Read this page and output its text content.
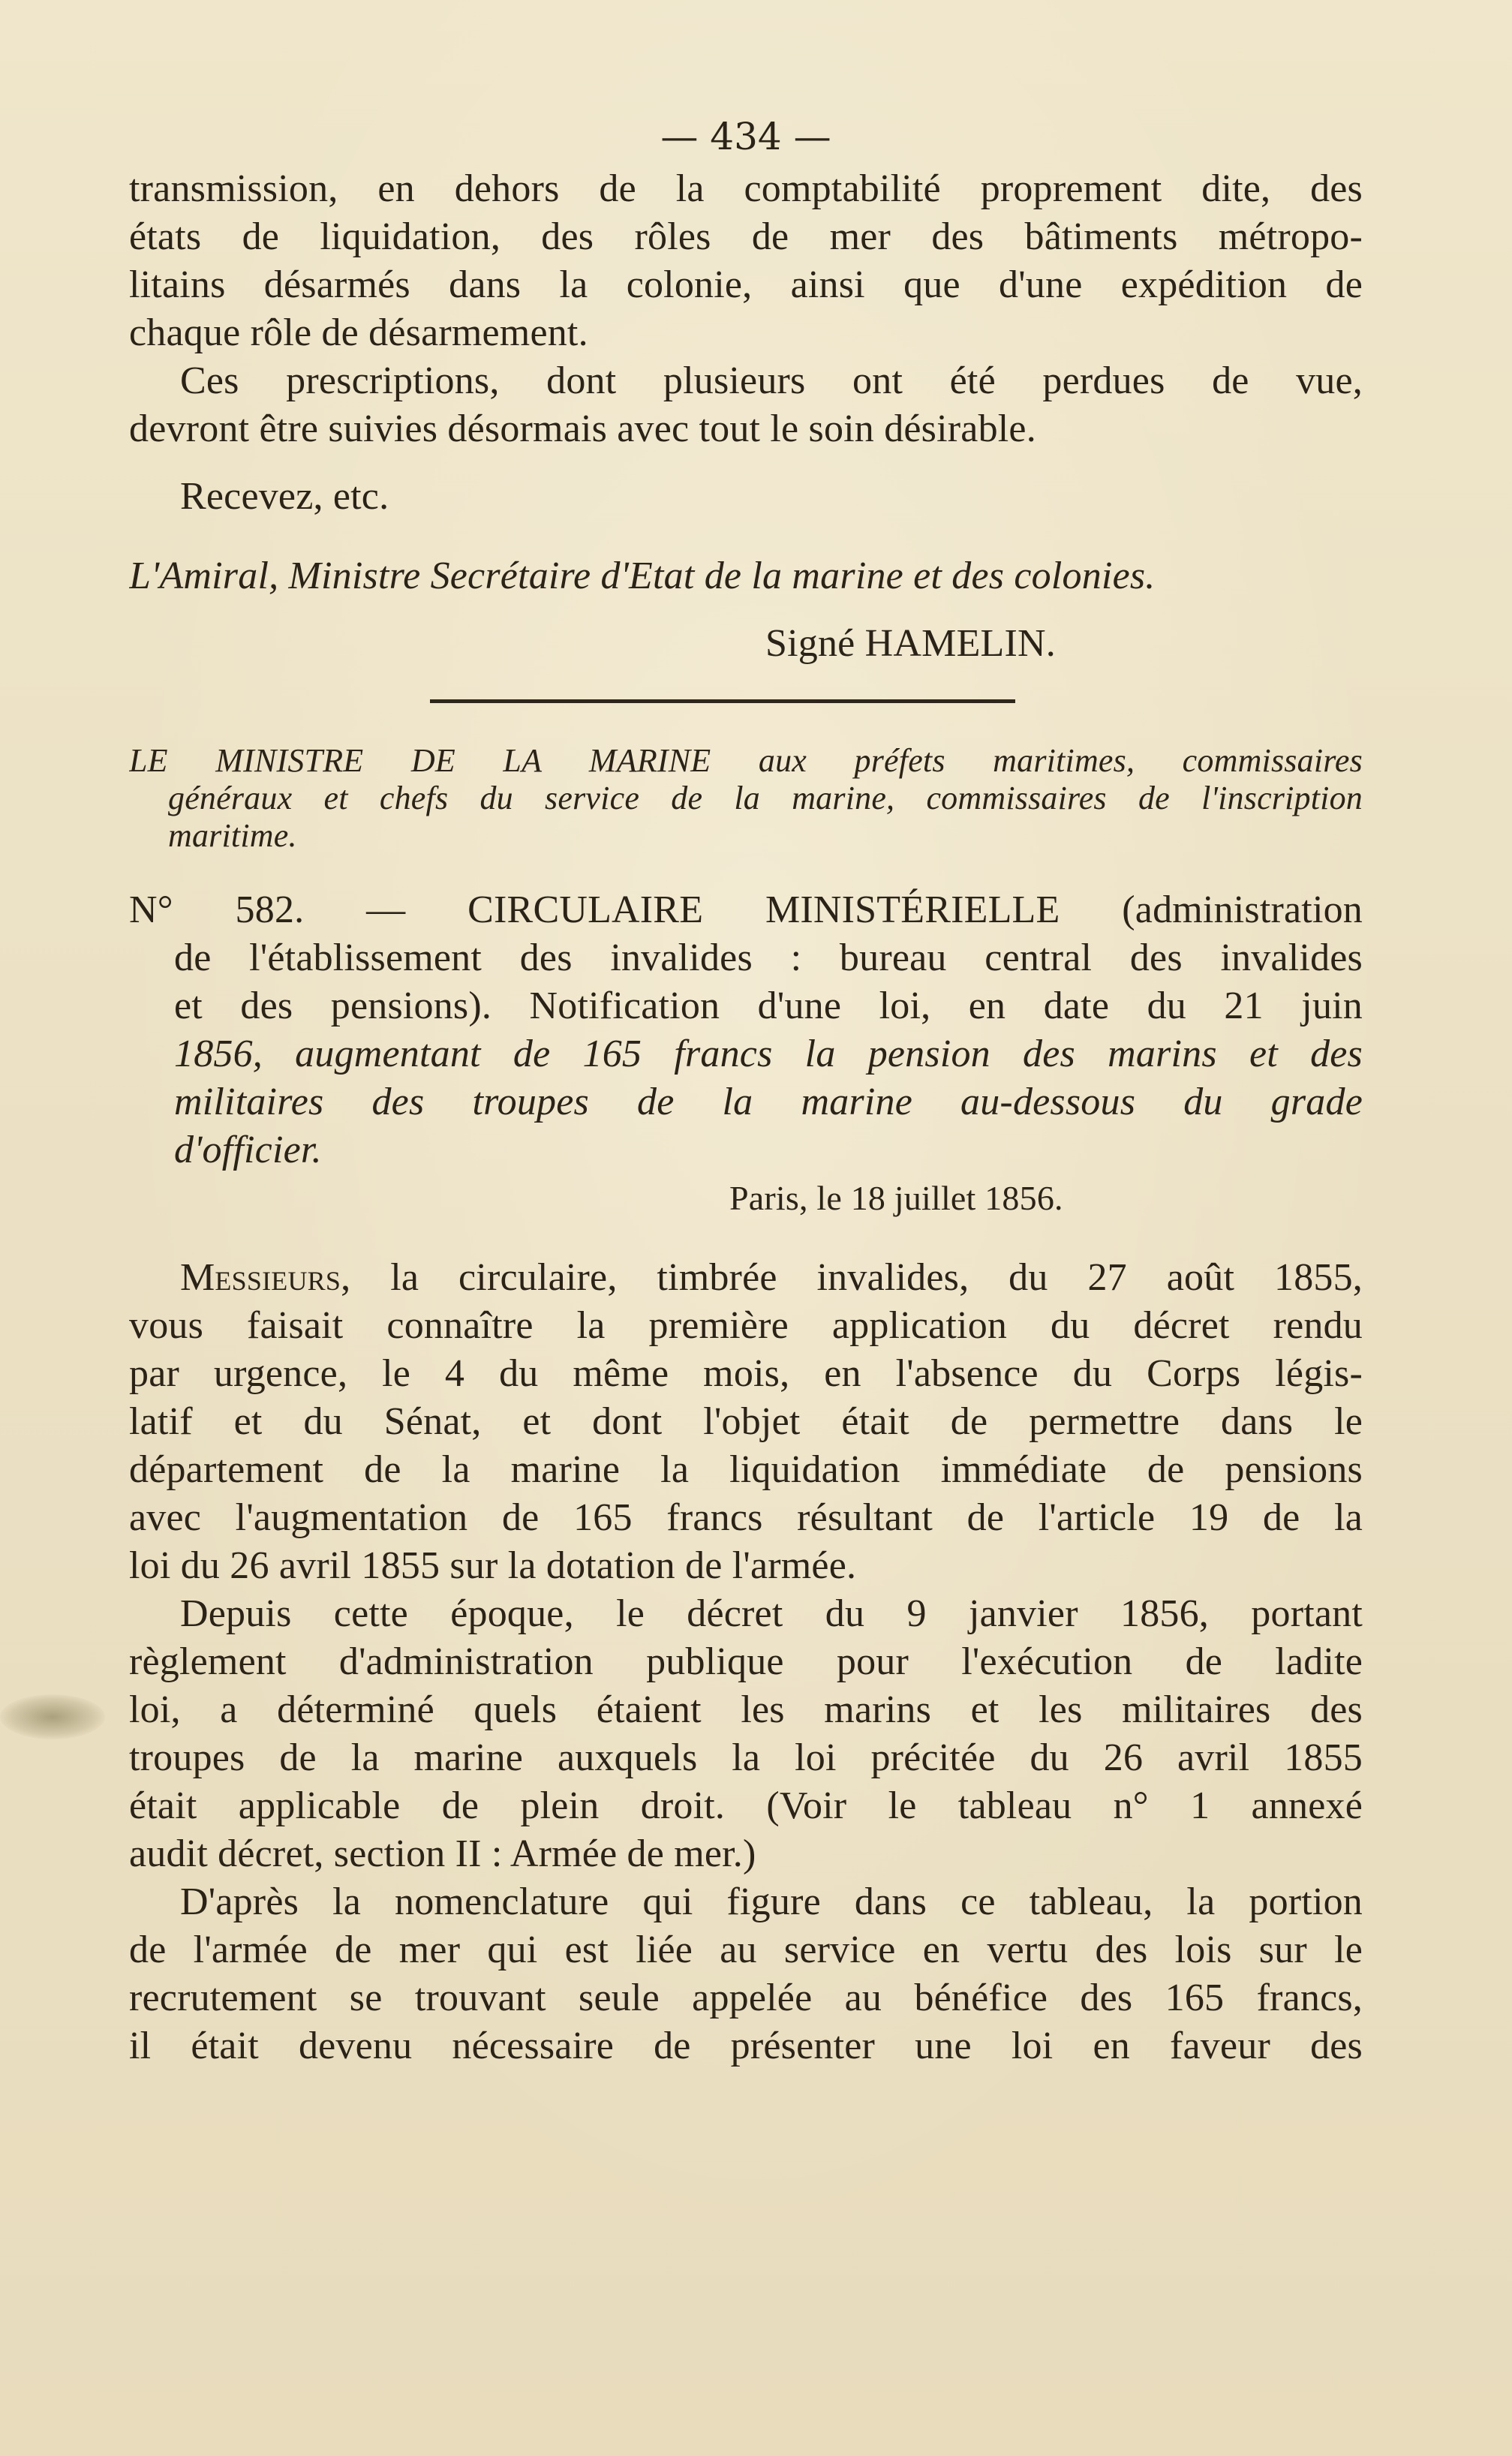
— 434 —
transmission, en dehors de la comptabilité proprement dite, des
états de liquidation, des rôles de mer des bâtiments métropo-
litains désarmés dans la colonie, ainsi que d'une expédition de
chaque rôle de désarmement.
Ces prescriptions, dont plusieurs ont été perdues de vue,
devront être suivies désormais avec tout le soin désirable.
Recevez, etc.
L'Amiral, Ministre Secrétaire d'Etat de la marine et des colonies.
Signé HAMELIN.
LE MINISTRE DE LA MARINE aux préfets maritimes, commissaires
généraux et chefs du service de la marine, commissaires de l'inscription
maritime.
N° 582. — CIRCULAIRE MINISTÉRIELLE (administration
de l'établissement des invalides : bureau central des invalides
et des pensions). Notification d'une loi, en date du 21 juin
1856, augmentant de 165 francs la pension des marins et des
militaires des troupes de la marine au-dessous du grade
d'officier.
Paris, le 18 juillet 1856.
Messieurs, la circulaire, timbrée invalides, du 27 août 1855,
vous faisait connaître la première application du décret rendu
par urgence, le 4 du même mois, en l'absence du Corps légis-
latif et du Sénat, et dont l'objet était de permettre dans le
département de la marine la liquidation immédiate de pensions
avec l'augmentation de 165 francs résultant de l'article 19 de la
loi du 26 avril 1855 sur la dotation de l'armée.
Depuis cette époque, le décret du 9 janvier 1856, portant
règlement d'administration publique pour l'exécution de ladite
loi, a déterminé quels étaient les marins et les militaires des
troupes de la marine auxquels la loi précitée du 26 avril 1855
était applicable de plein droit. (Voir le tableau n° 1 annexé
audit décret, section II : Armée de mer.)
D'après la nomenclature qui figure dans ce tableau, la portion
de l'armée de mer qui est liée au service en vertu des lois sur le
recrutement se trouvant seule appelée au bénéfice des 165 francs,
il était devenu nécessaire de présenter une loi en faveur des
